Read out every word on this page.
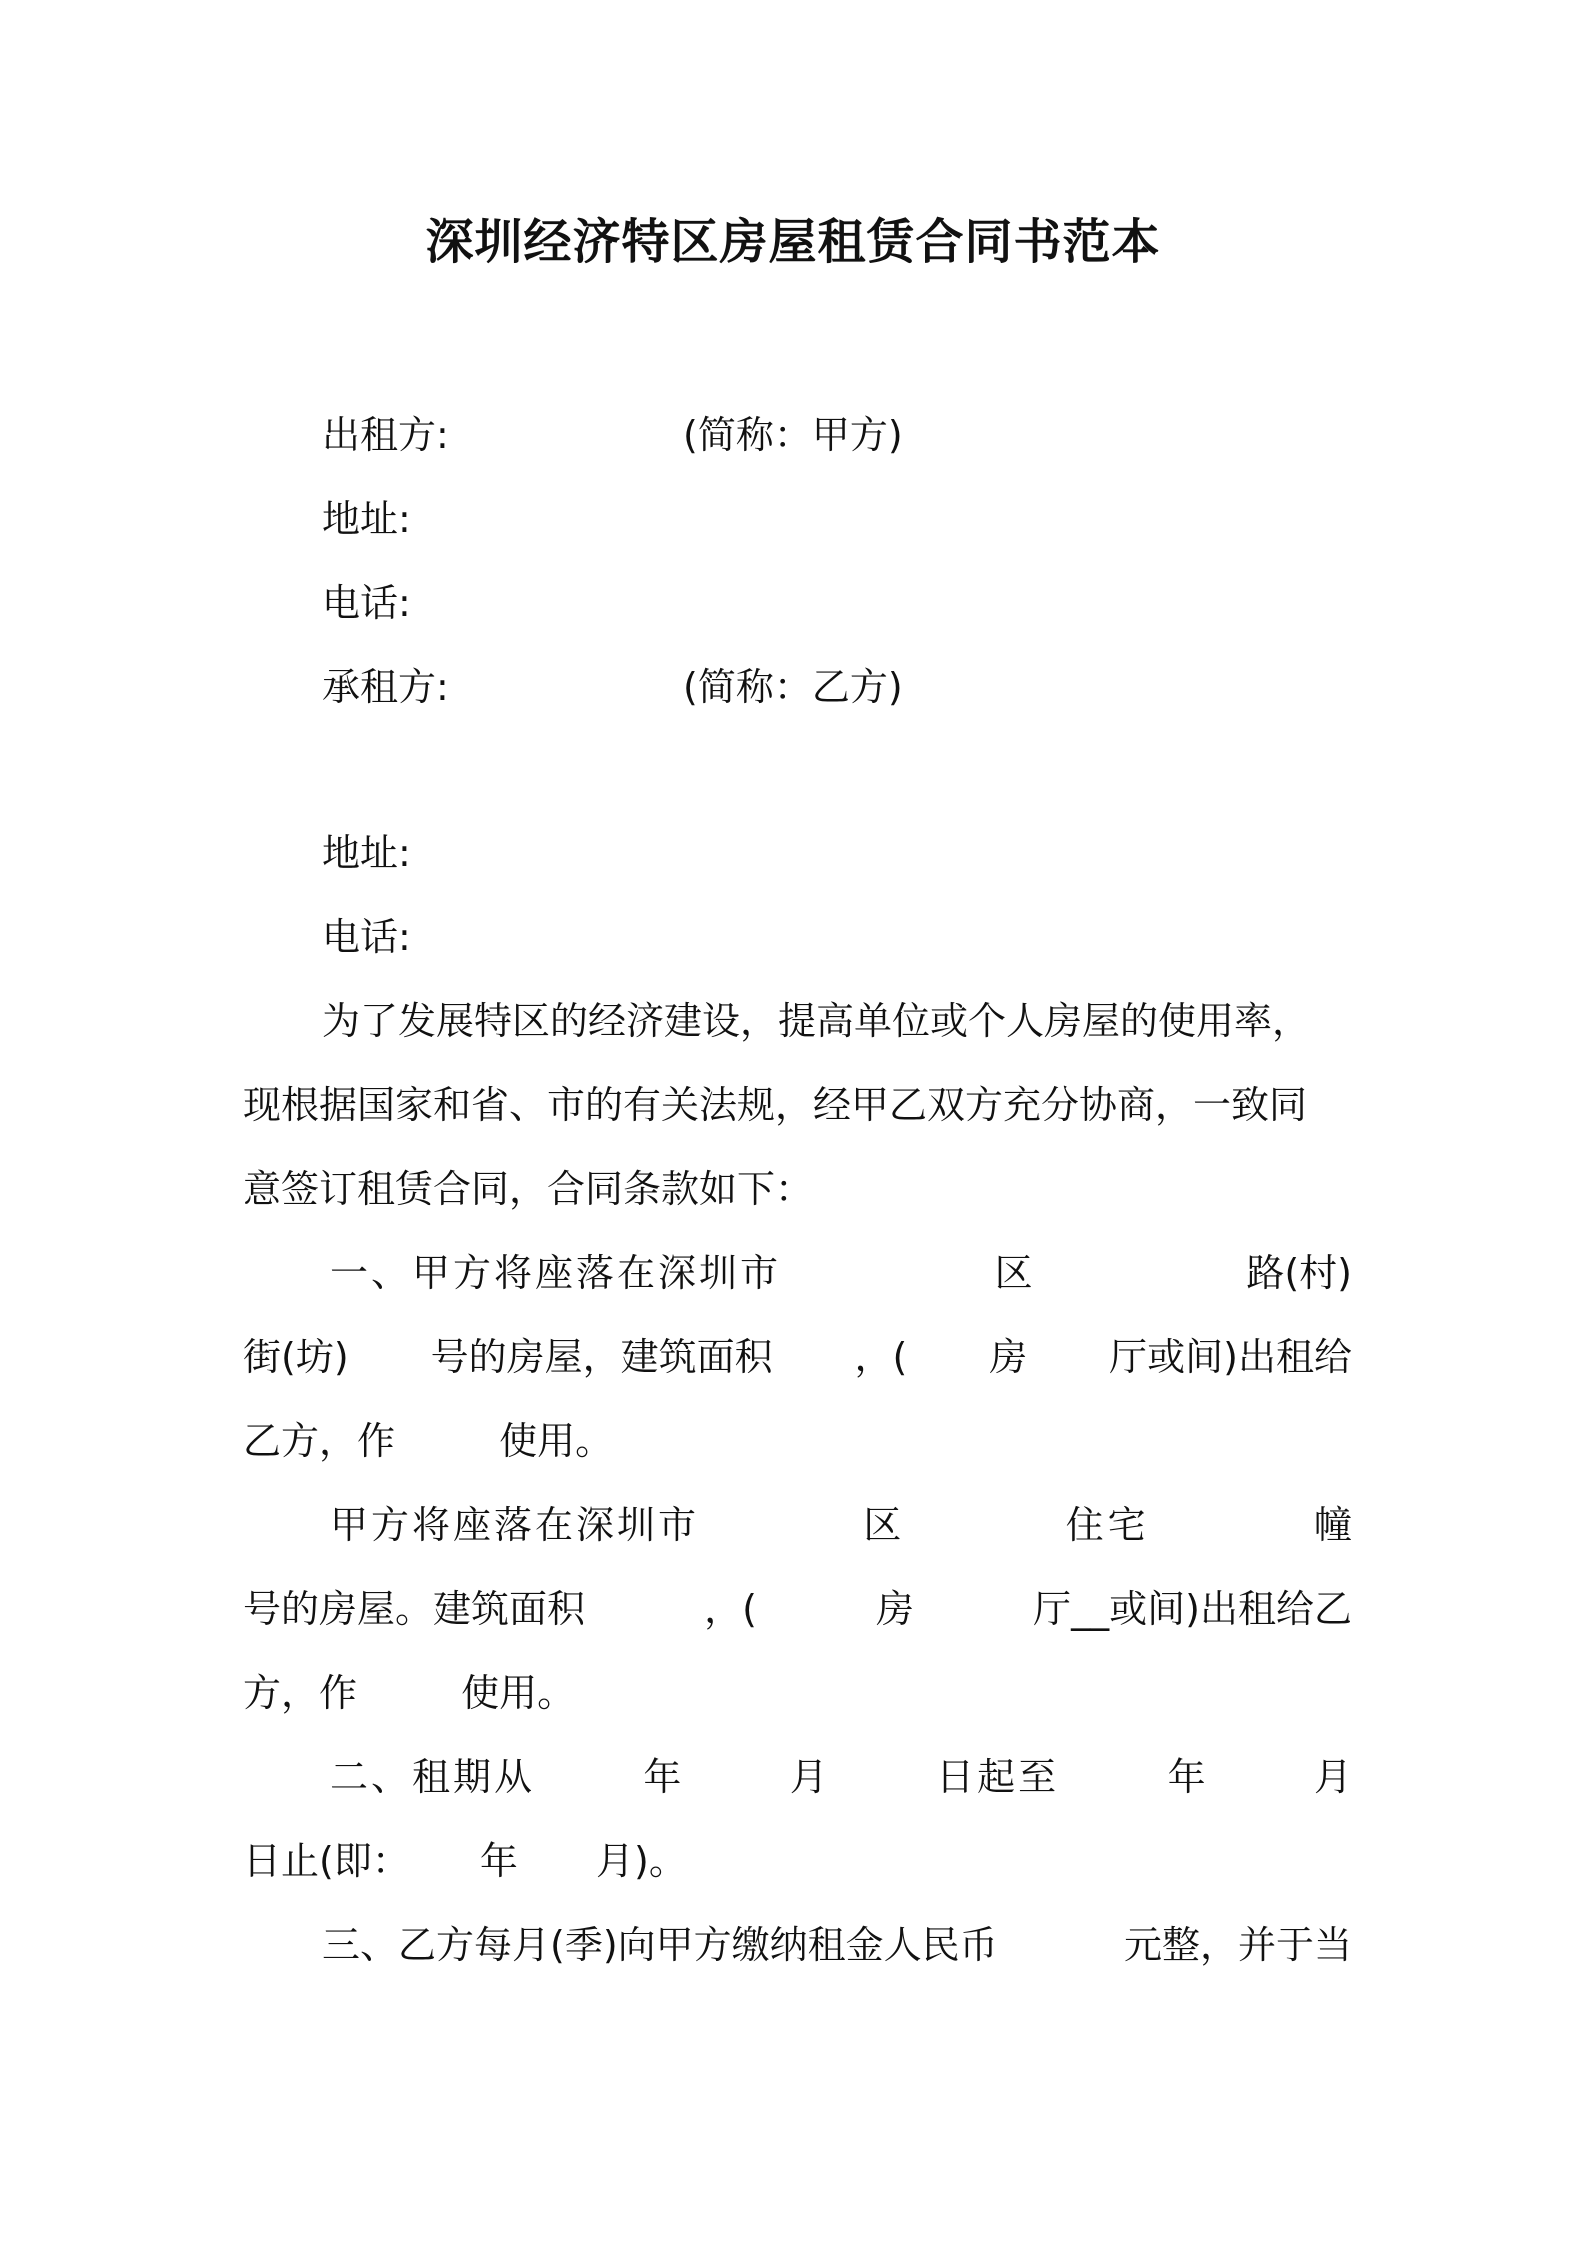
深圳经济特区房屋租赁合同书范本
出租方:	(简称：甲方)
地址:
电话:
承租方:	(简称：乙方)
地址:
电话:
为了发展特区的经济建设，提高单位或个人房屋的使用率，
现根据国家和省、市的有关法规，经甲乙双方充分协商，一致同
意签订租赁合同，合同条款如下：
一、甲方将座落在深圳市	区	路(村)
街(坊) 号的房屋，建筑面积 ，( 房 厅或间)出租给
乙方，作	使用。
甲方将座落在深圳市	区	住宅	幢
号的房屋。建筑面积	，(	房	厅__或间)出租给乙
方，作	使用。
二、租期从	年	月	日起至	年	月
日止(即： 年 月)。
三、乙方每月(季)向甲方缴纳租金人民币	元整，并于当
